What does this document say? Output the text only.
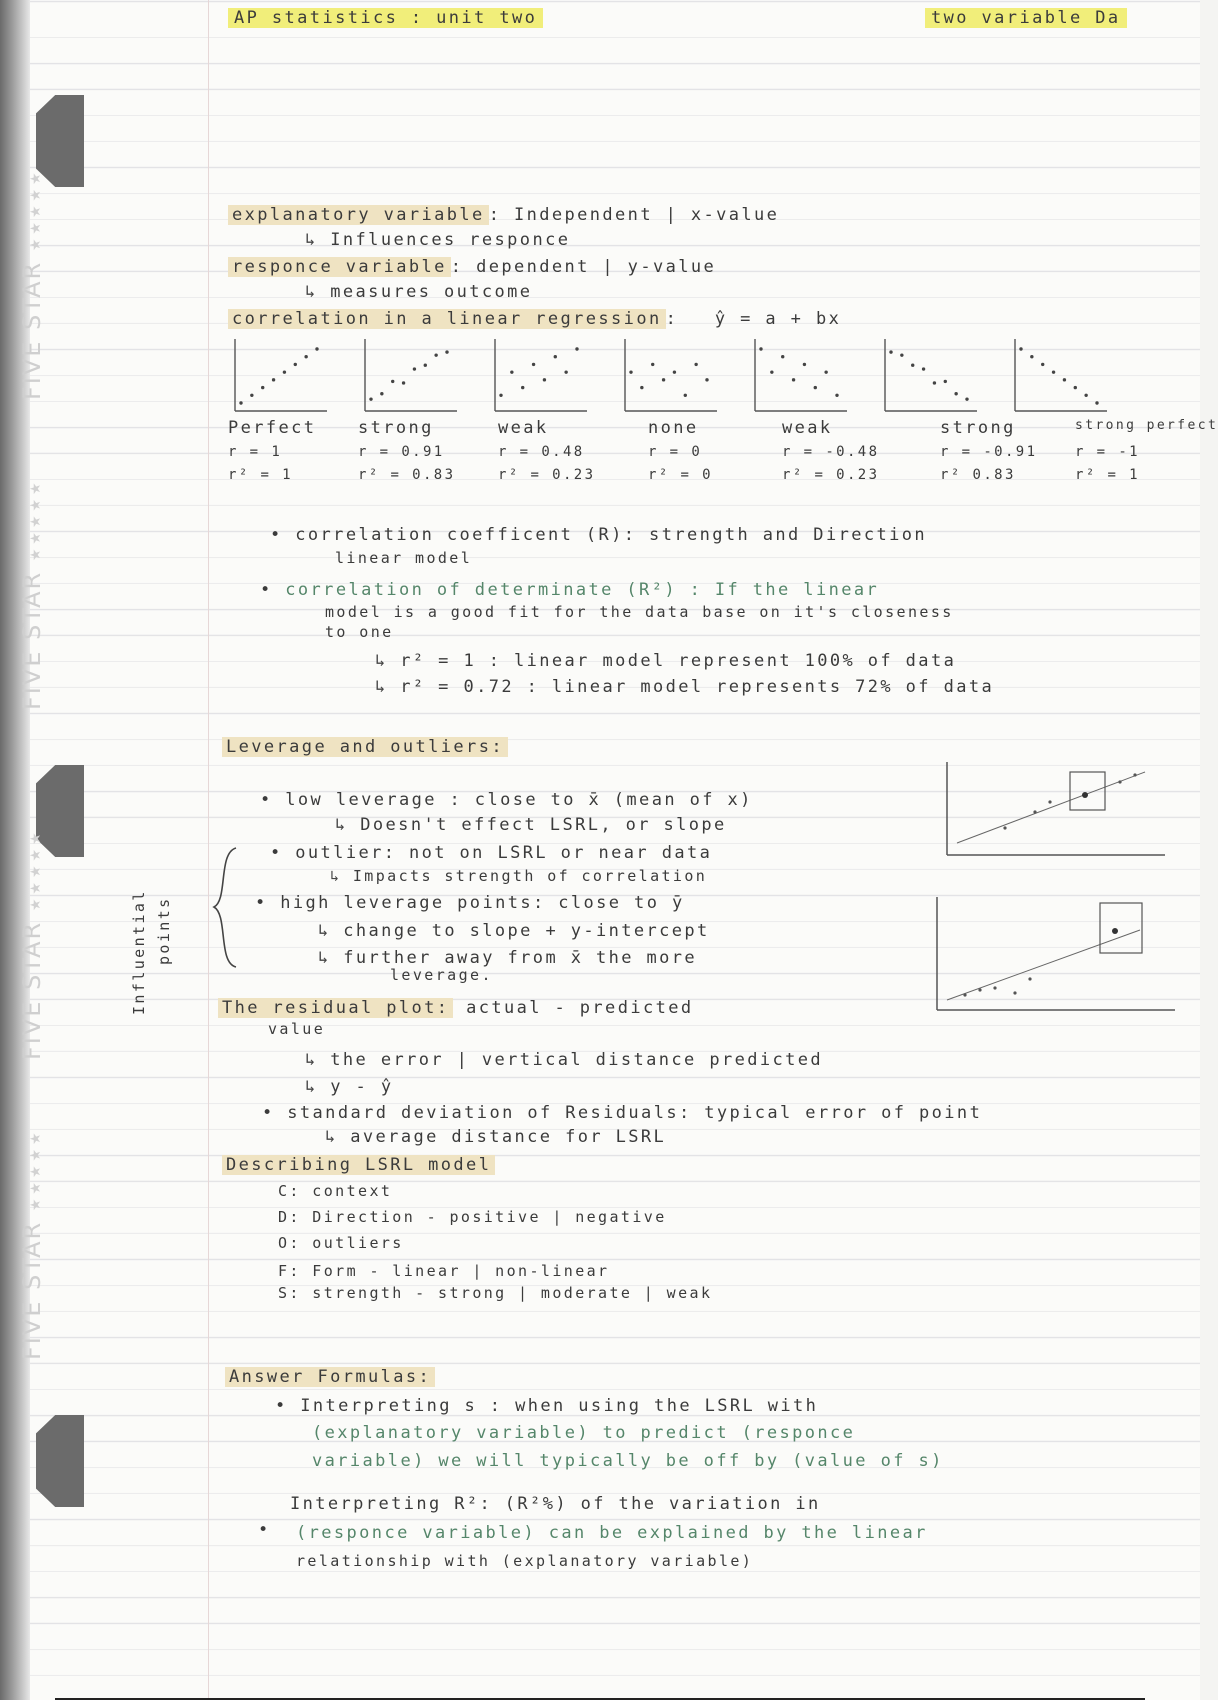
FIVE STAR ★★★★★
FIVE STAR ★★★★★
FIVE STAR ★★★★★
FIVE STAR ★★★★★
AP statistics : unit two	two variable Da
explanatory variable : Independent | x-value
↳ Influences responce
responce variable : dependent | y-value
↳ measures outcome
correlation in a linear regression : ŷ = a + bx
Perfect
r = 1
r² = 1
strong
r = 0.91
r² = 0.83
weak
r = 0.48
r² = 0.23
none
r = 0
r² = 0
weak
r = -0.48
r² = 0.23
strong
r = -0.91
r² 0.83
strong perfect
r = -1
r² = 1
• correlation coefficent (R): strength and Direction
linear model
• correlation of determinate (R²) : If the linear
model is a good fit for the data base on it's closeness
to one
↳ r² = 1 : linear model represent 100% of data
↳ r² = 0.72 : linear model represents 72% of data
Leverage and outliers:
• low leverage : close to x̄ (mean of x)
↳ Doesn't effect LSRL, or slope
• outlier: not on LSRL or near data
↳ Impacts strength of correlation
• high leverage points: close to ȳ
↳ change to slope + y-intercept
↳ further away from x̄ the more
leverage.
Influential points
The residual plot: actual - predicted
value
↳ the error | vertical distance predicted
↳ y - ŷ
• standard deviation of Residuals: typical error of point
↳ average distance for LSRL
Describing LSRL model
C: context
D: Direction - positive | negative
O: outliers
F: Form - linear | non-linear
S: strength - strong | moderate | weak
Answer Formulas:
• Interpreting s : when using the LSRL with
(explanatory variable) to predict (responce
variable) we will typically be off by (value of s)
Interpreting R²: (R²%) of the variation in
• (responce variable) can be explained by the linear
relationship with (explanatory variable)
